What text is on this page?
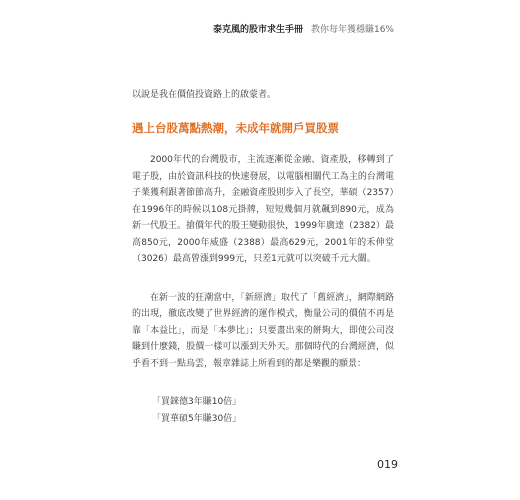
泰克風的股市求生手冊 教你每年獲穩賺16%

以說是我在價值投資路上的啟蒙者。

遇上台股萬點熱潮，未成年就開戶買股票

2000年代的台灣股市，主流逐漸從金融、資產股，移轉到了電子股，由於資訊科技的快速發展，以電腦相關代工為主的台灣電子業獲利跟著節節高升，金融資產股則步入了長空，華碩（2357）在1996年的時候以108元掛牌，短短幾個月就飆到890元，成為新一代股王。搶價年代的股王變動很快，1999年廣達（2382）最高850元，2000年威盛（2388）最高629元，2001年的禾伸堂（3026）最高曾漲到999元，只差1元就可以突破千元大關。

在新一波的狂潮當中，「新經濟」取代了「舊經濟」，網際網路的出現，徹底改變了世界經濟的運作模式，衡量公司的價值不再是靠「本益比」，而是「本夢比」；只要畫出來的餅夠大，即使公司沒賺到什麼錢，股價一樣可以漲到天外天。那個時代的台灣經濟，似乎看不到一點烏雲，報章雜誌上所看到的都是樂觀的願景：

「買錸德3年賺10倍」
「買華碩5年賺30倍」
019
